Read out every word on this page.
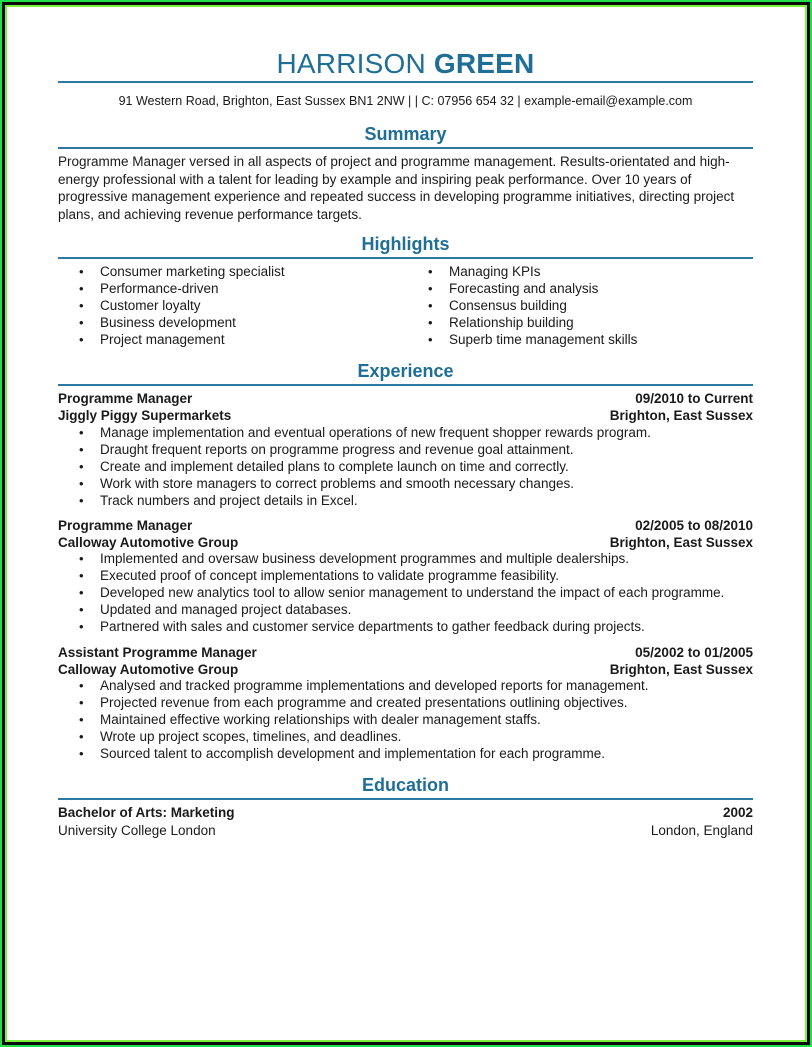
HARRISON GREEN
91 Western Road, Brighton, East Sussex BN1 2NW | | C: 07956 654 32 | example-email@example.com
Summary
Programme Manager versed in all aspects of project and programme management. Results-orientated and high-
energy professional with a talent for leading by example and inspiring peak performance. Over 10 years of
progressive management experience and repeated success in developing programme initiatives, directing project
plans, and achieving revenue performance targets.
Highlights
• Consumer marketing specialist
• Performance-driven
• Customer loyalty
• Business development
• Project management
• Managing KPIs
• Forecasting and analysis
• Consensus building
• Relationship building
• Superb time management skills
Experience
Programme Manager	09/2010 to Current
Jiggly Piggy Supermarkets	Brighton, East Sussex
• Manage implementation and eventual operations of new frequent shopper rewards program.
• Draught frequent reports on programme progress and revenue goal attainment.
• Create and implement detailed plans to complete launch on time and correctly.
• Work with store managers to correct problems and smooth necessary changes.
• Track numbers and project details in Excel.
Programme Manager	02/2005 to 08/2010
Calloway Automotive Group	Brighton, East Sussex
• Implemented and oversaw business development programmes and multiple dealerships.
• Executed proof of concept implementations to validate programme feasibility.
• Developed new analytics tool to allow senior management to understand the impact of each programme.
• Updated and managed project databases.
• Partnered with sales and customer service departments to gather feedback during projects.
Assistant Programme Manager	05/2002 to 01/2005
Calloway Automotive Group	Brighton, East Sussex
• Analysed and tracked programme implementations and developed reports for management.
• Projected revenue from each programme and created presentations outlining objectives.
• Maintained effective working relationships with dealer management staffs.
• Wrote up project scopes, timelines, and deadlines.
• Sourced talent to accomplish development and implementation for each programme.
Education
Bachelor of Arts: Marketing	2002
University College London	London, England
